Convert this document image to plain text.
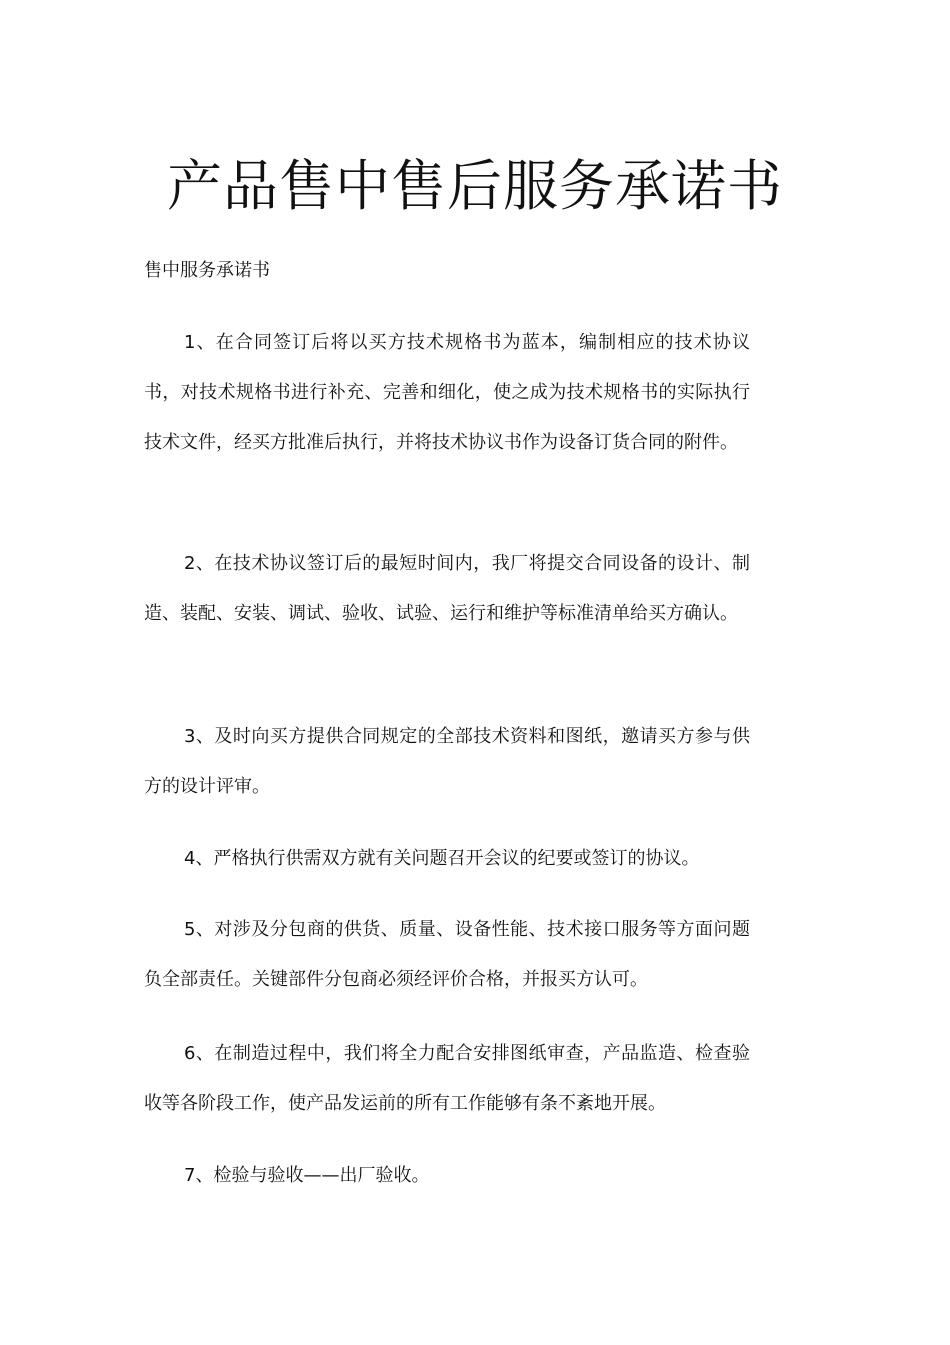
产品售中售后服务承诺书

售中服务承诺书

1、在合同签订后将以买方技术规格书为蓝本，编制相应的技术协议书，对技术规格书进行补充、完善和细化，使之成为技术规格书的实际执行技术文件，经买方批准后执行，并将技术协议书作为设备订货合同的附件。

2、在技术协议签订后的最短时间内，我厂将提交合同设备的设计、制造、装配、安装、调试、验收、试验、运行和维护等标准清单给买方确认。

3、及时向买方提供合同规定的全部技术资料和图纸，邀请买方参与供方的设计评审。

4、严格执行供需双方就有关问题召开会议的纪要或签订的协议。

5、对涉及分包商的供货、质量、设备性能、技术接口服务等方面问题负全部责任。关键部件分包商必须经评价合格，并报买方认可。

6、在制造过程中，我们将全力配合安排图纸审查，产品监造、检查验收等各阶段工作，使产品发运前的所有工作能够有条不紊地开展。

7、检验与验收——出厂验收。
